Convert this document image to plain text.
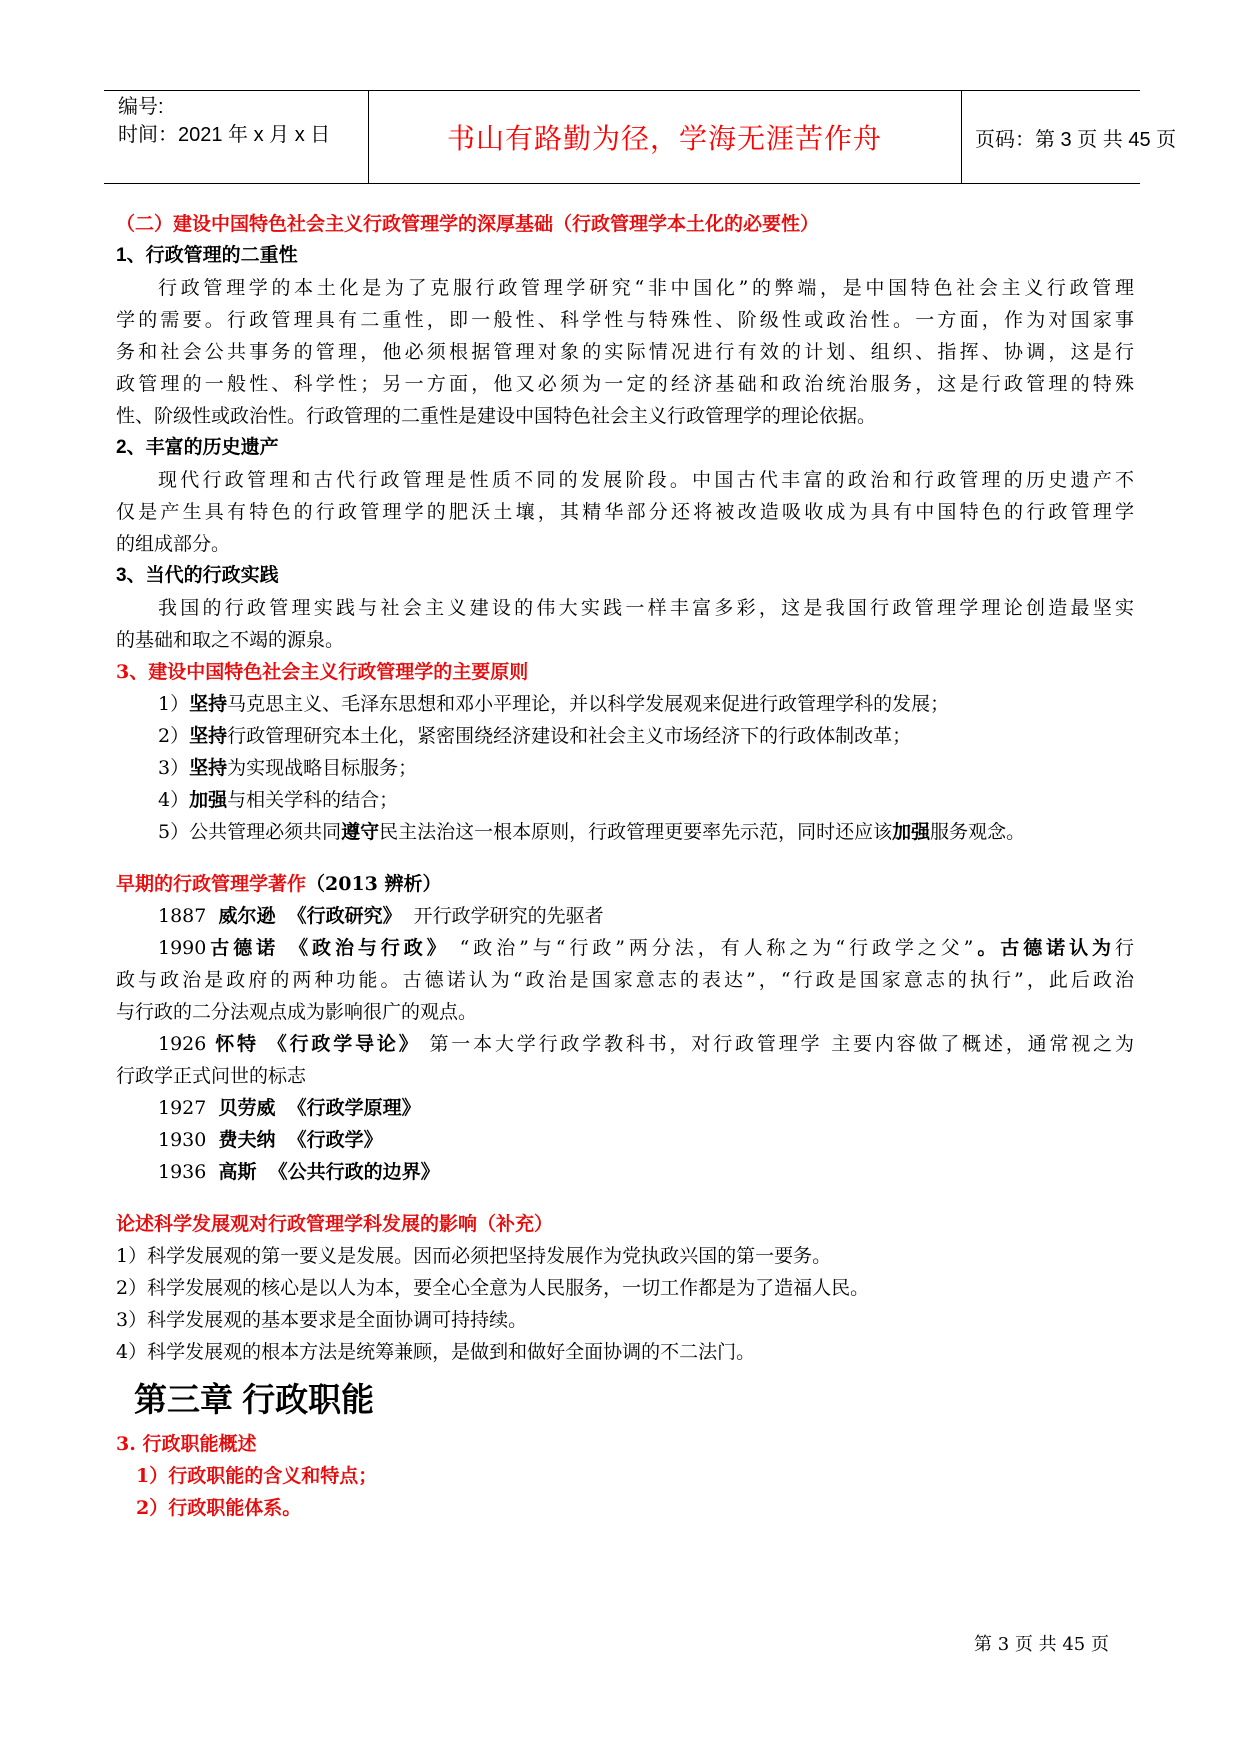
编号:
时间：2021 年 x 月 x 日	书山有路勤为径，学海无涯苦作舟	页码：第 3 页 共 45 页
（二）建设中国特色社会主义行政管理学的深厚基础（行政管理学本土化的必要性）
1、行政管理的二重性
行政管理学的本土化是为了克服行政管理学研究“非中国化”的弊端，是中国特色社会主义行政管理
学的需要。行政管理具有二重性，即一般性、科学性与特殊性、阶级性或政治性。一方面，作为对国家事
务和社会公共事务的管理，他必须根据管理对象的实际情况进行有效的计划、组织、指挥、协调，这是行
政管理的一般性、科学性；另一方面，他又必须为一定的经济基础和政治统治服务，这是行政管理的特殊
性、阶级性或政治性。行政管理的二重性是建设中国特色社会主义行政管理学的理论依据。
2、丰富的历史遗产
现代行政管理和古代行政管理是性质不同的发展阶段。中国古代丰富的政治和行政管理的历史遗产不
仅是产生具有特色的行政管理学的肥沃土壤，其精华部分还将被改造吸收成为具有中国特色的行政管理学
的组成部分。
3、当代的行政实践
我国的行政管理实践与社会主义建设的伟大实践一样丰富多彩，这是我国行政管理学理论创造最坚实
的基础和取之不竭的源泉。
3、建设中国特色社会主义行政管理学的主要原则
1）坚持马克思主义、毛泽东思想和邓小平理论，并以科学发展观来促进行政管理学科的发展；
2）坚持行政管理研究本土化，紧密围绕经济建设和社会主义市场经济下的行政体制改革；
3）坚持为实现战略目标服务；
4）加强与相关学科的结合；
5）公共管理必须共同遵守民主法治这一根本原则，行政管理更要率先示范，同时还应该加强服务观念。
早期的行政管理学著作（2013 辨析）
1887 威尔逊 《行政研究》 开行政学研究的先驱者
1990古德诺 《政治与行政》 “政治”与“行政”两分法，有人称之为“行政学之父”。古德诺认为行
政与政治是政府的两种功能。古德诺认为“政治是国家意志的表达”，“行政是国家意志的执行”，此后政治
与行政的二分法观点成为影响很广的观点。
1926 怀特 《行政学导论》 第一本大学行政学教科书，对行政管理学 主要内容做了概述，通常视之为
行政学正式问世的标志
1927 贝劳威 《行政学原理》
1930 费夫纳 《行政学》
1936 高斯 《公共行政的边界》
论述科学发展观对行政管理学科发展的影响（补充）
1）科学发展观的第一要义是发展。因而必须把坚持发展作为党执政兴国的第一要务。
2）科学发展观的核心是以人为本，要全心全意为人民服务，一切工作都是为了造福人民。
3）科学发展观的基本要求是全面协调可持持续。
4）科学发展观的根本方法是统筹兼顾，是做到和做好全面协调的不二法门。
第三章 行政职能
3. 行政职能概述
1）行政职能的含义和特点；
2）行政职能体系。
第 3 页 共 45 页
